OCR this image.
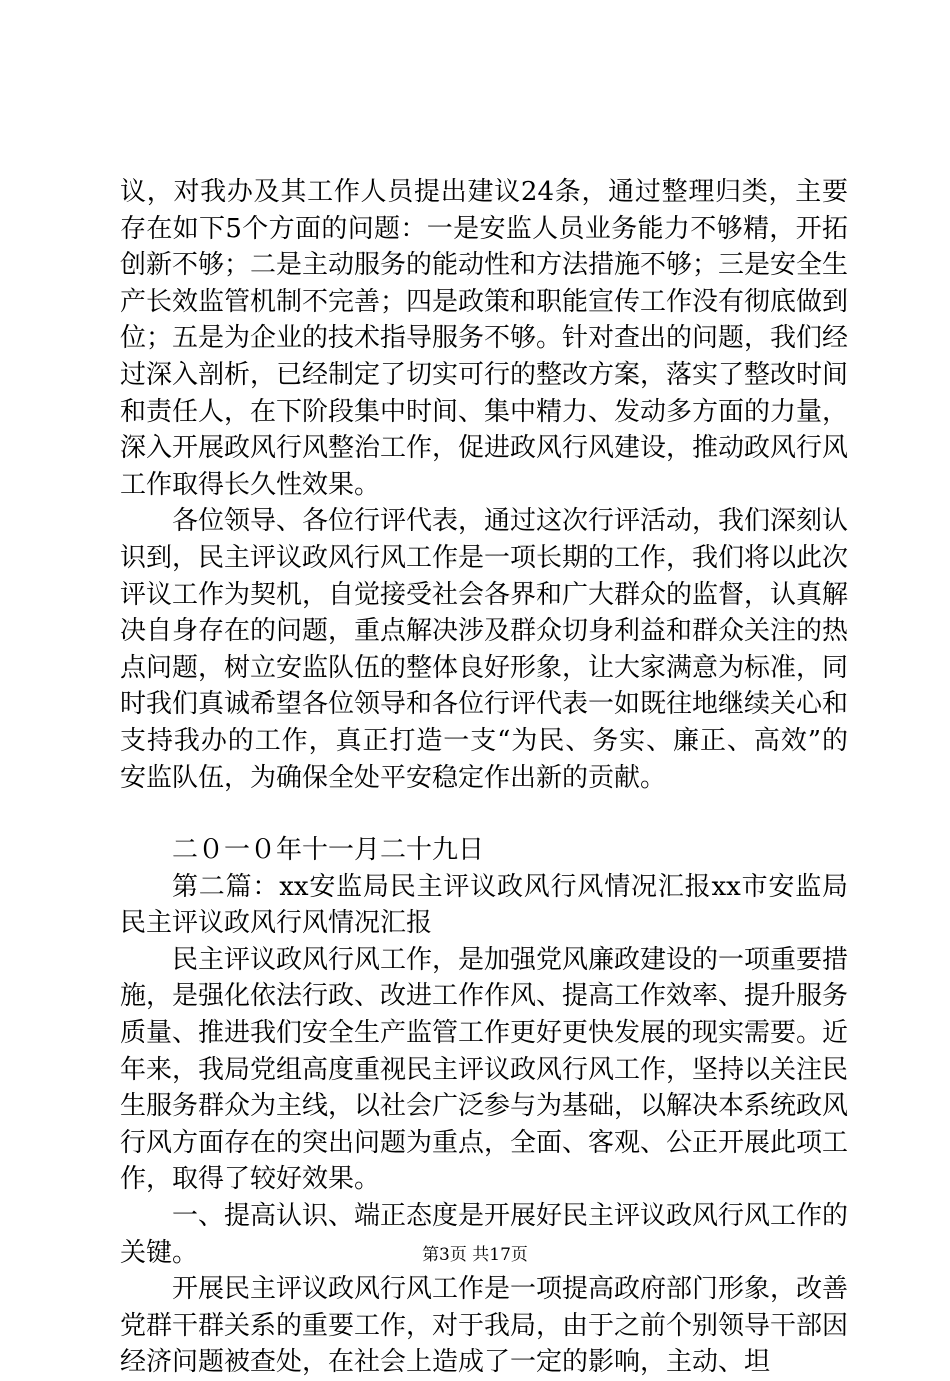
议，对我办及其工作人员提出建议24条，通过整理归类，主要存在如下5个方面的问题：一是安监人员业务能力不够精，开拓创新不够；二是主动服务的能动性和方法措施不够；三是安全生产长效监管机制不完善；四是政策和职能宣传工作没有彻底做到位；五是为企业的技术指导服务不够。针对查出的问题，我们经过深入剖析，已经制定了切实可行的整改方案，落实了整改时间和责任人，在下阶段集中时间、集中精力、发动多方面的力量，深入开展政风行风整治工作，促进政风行风建设，推动政风行风工作取得长久性效果。

各位领导、各位行评代表，通过这次行评活动，我们深刻认识到，民主评议政风行风工作是一项长期的工作，我们将以此次评议工作为契机，自觉接受社会各界和广大群众的监督，认真解决自身存在的问题，重点解决涉及群众切身利益和群众关注的热点问题，树立安监队伍的整体良好形象，让大家满意为标准，同时我们真诚希望各位领导和各位行评代表一如既往地继续关心和支持我办的工作，真正打造一支“为民、务实、廉正、高效”的安监队伍，为确保全处平安稳定作出新的贡献。

二０一０年十一月二十九日

第二篇：xx安监局民主评议政风行风情况汇报xx市安监局民主评议政风行风情况汇报

民主评议政风行风工作，是加强党风廉政建设的一项重要措施，是强化依法行政、改进工作作风、提高工作效率、提升服务质量、推进我们安全生产监管工作更好更快发展的现实需要。近年来，我局党组高度重视民主评议政风行风工作，坚持以关注民生服务群众为主线，以社会广泛参与为基础，以解决本系统政风行风方面存在的突出问题为重点，全面、客观、公正开展此项工作，取得了较好效果。

一、提高认识、端正态度是开展好民主评议政风行风工作的关键。

开展民主评议政风行风工作是一项提高政府部门形象，改善党群干群关系的重要工作，对于我局，由于之前个别领导干部因经济问题被查处，在社会上造成了一定的影响，主动、坦

第3页 共17页
